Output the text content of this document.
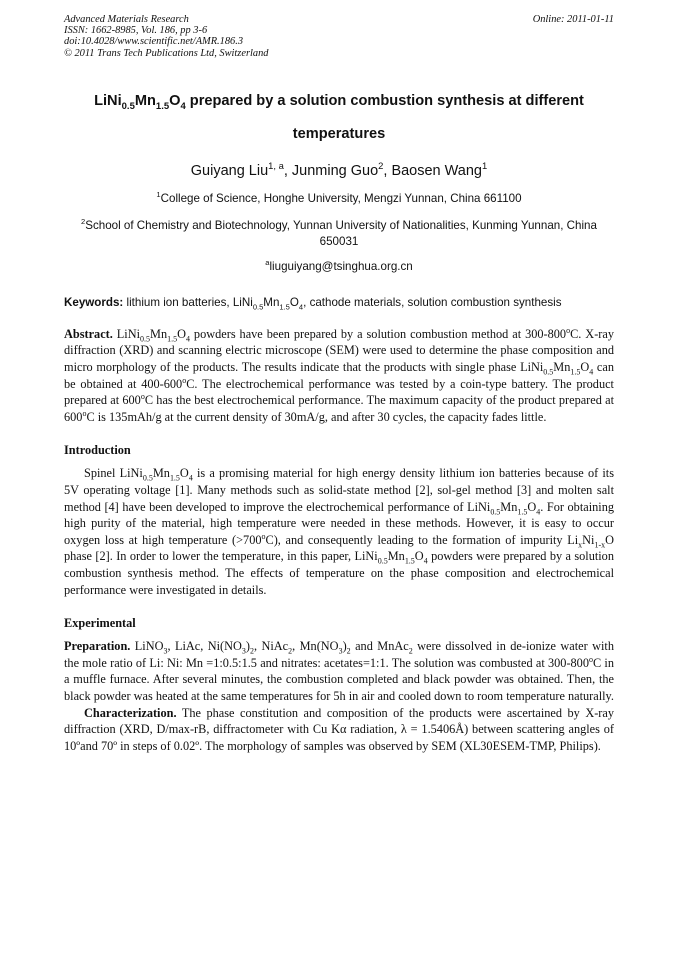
Advanced Materials Research
ISSN: 1662-8985, Vol. 186, pp 3-6
doi:10.4028/www.scientific.net/AMR.186.3
© 2011 Trans Tech Publications Ltd, Switzerland
Online: 2011-01-11
$LiNi_{0.5}Mn_{1.5}O_4$ prepared by a solution combustion synthesis at different
temperatures
Guiyang Liu$^{1, a}$, Junming Guo$^2$, Baosen Wang$^1$
$^1$College of Science, Honghe University, Mengzi Yunnan, China 661100
$^2$School of Chemistry and Biotechnology, Yunnan University of Nationalities, Kunming Yunnan, China 650031
$^a$liuguiyang@tsinghua.org.cn
Keywords: lithium ion batteries, $LiNi_{0.5}Mn_{1.5}O_4$, cathode materials, solution combustion synthesis
Abstract. $LiNi_{0.5}Mn_{1.5}O_4$ powders have been prepared by a solution combustion method at 300-800$^o$C. X-ray diffraction (XRD) and scanning electric microscope (SEM) were used to determine the phase composition and micro morphology of the products. The results indicate that the products with single phase $LiNi_{0.5}Mn_{1.5}O_4$ can be obtained at 400-600$^o$C. The electrochemical performance was tested by a coin-type battery. The product prepared at 600$^o$C has the best electrochemical performance. The maximum capacity of the product prepared at 600$^o$C is 135mAh/g at the current density of 30mA/g, and after 30 cycles, the capacity fades little.
Introduction
Spinel $LiNi_{0.5}Mn_{1.5}O_4$ is a promising material for high energy density lithium ion batteries because of its 5V operating voltage [1]. Many methods such as solid-state method [2], sol-gel method [3] and molten salt method [4] have been developed to improve the electrochemical performance of $LiNi_{0.5}Mn_{1.5}O_4$. For obtaining high purity of the material, high temperature were needed in these methods. However, it is easy to occur oxygen loss at high temperature $(>700^oC)$, and consequently leading to the formation of impurity $Li_xNi_{1-x}O$ phase [2]. In order to lower the temperature, in this paper, $LiNi_{0.5}Mn_{1.5}O_4$ powders were prepared by a solution combustion synthesis method. The effects of temperature on the phase composition and electrochemical performance were investigated in details.
Experimental
Preparation. LiNO$_3$, LiAc, $Ni(NO_3)_2$, NiAc$_2$, $Mn(NO_3)_2$ and MnAc$_2$ were dissolved in de-ionize water with the mole ratio of Li: Ni: Mn =1:0.5:1.5 and nitrates: acetates=1:1. The solution was combusted at 300-800$^o$C in a muffle furnace. After several minutes, the combustion completed and black powder was obtained. Then, the black powder was heated at the same temperatures for 5h in air and cooled down to room temperature naturally.
Characterization. The phase constitution and composition of the products were ascertained by X-ray diffraction (XRD, D/max-rB, diffractometer with Cu Kα radiation, λ = 1.5406Å) between scattering angles of 10ºand 70º in steps of 0.02º. The morphology of samples was observed by SEM (XL30ESEM-TMP, Philips).
